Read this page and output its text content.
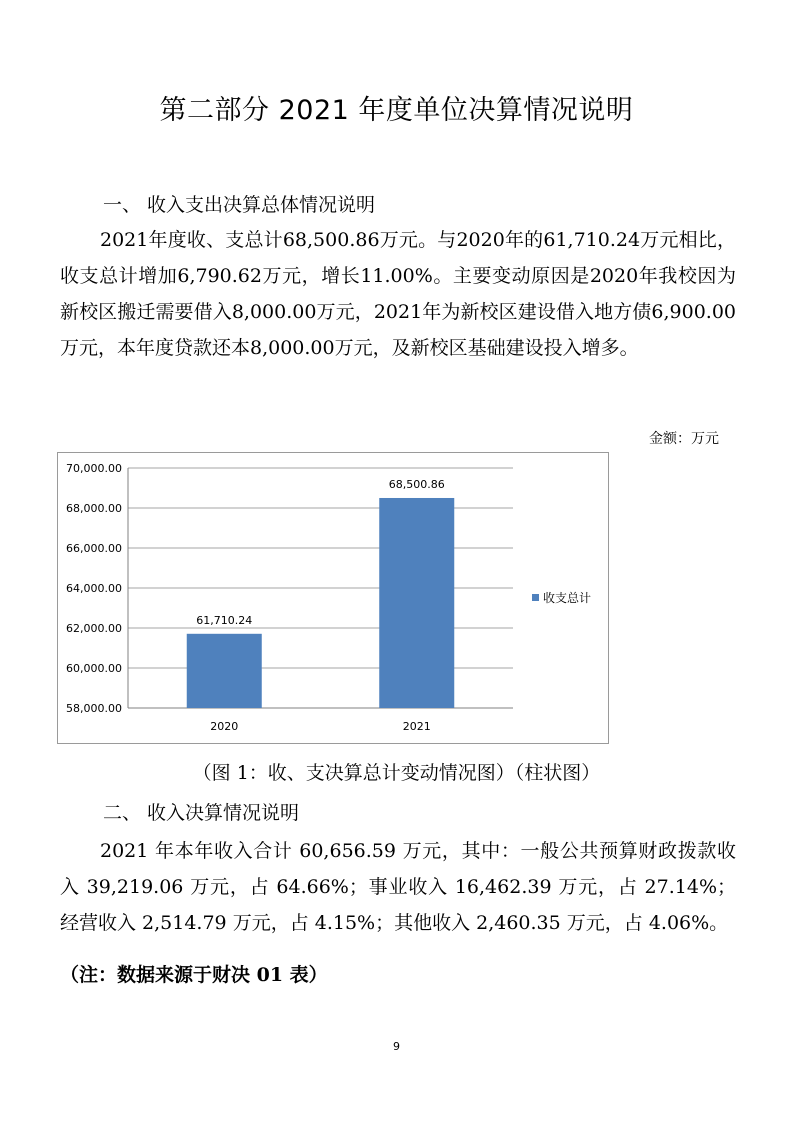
第二部分 2021 年度单位决算情况说明
一、 收入支出决算总体情况说明

2021年度收、支总计68,500.86万元。与2020年的61,710.24万元相比，收支总计增加6,790.62万元，增长11.00%。主要变动原因是2020年我校因为新校区搬迁需要借入8,000.00万元，2021年为新校区建设借入地方债6,900.00万元，本年度贷款还本8,000.00万元，及新校区基础建设投入增多。

金额：万元
58,000.00
60,000.00
62,000.00
64,000.00
66,000.00
68,000.00
70,000.00
61,710.24
2020
68,500.86
2021
收支总计
（图 1：收、支决算总计变动情况图）（柱状图）
二、 收入决算情况说明

2021 年本年收入合计 60,656.59 万元，其中：一般公共预算财政拨款收入 39,219.06 万元，占 64.66%；事业收入 16,462.39 万元，占 27.14%；经营收入 2,514.79 万元，占 4.15%；其他收入 2,460.35 万元，占 4.06%。

（注：数据来源于财决 01 表）
9
